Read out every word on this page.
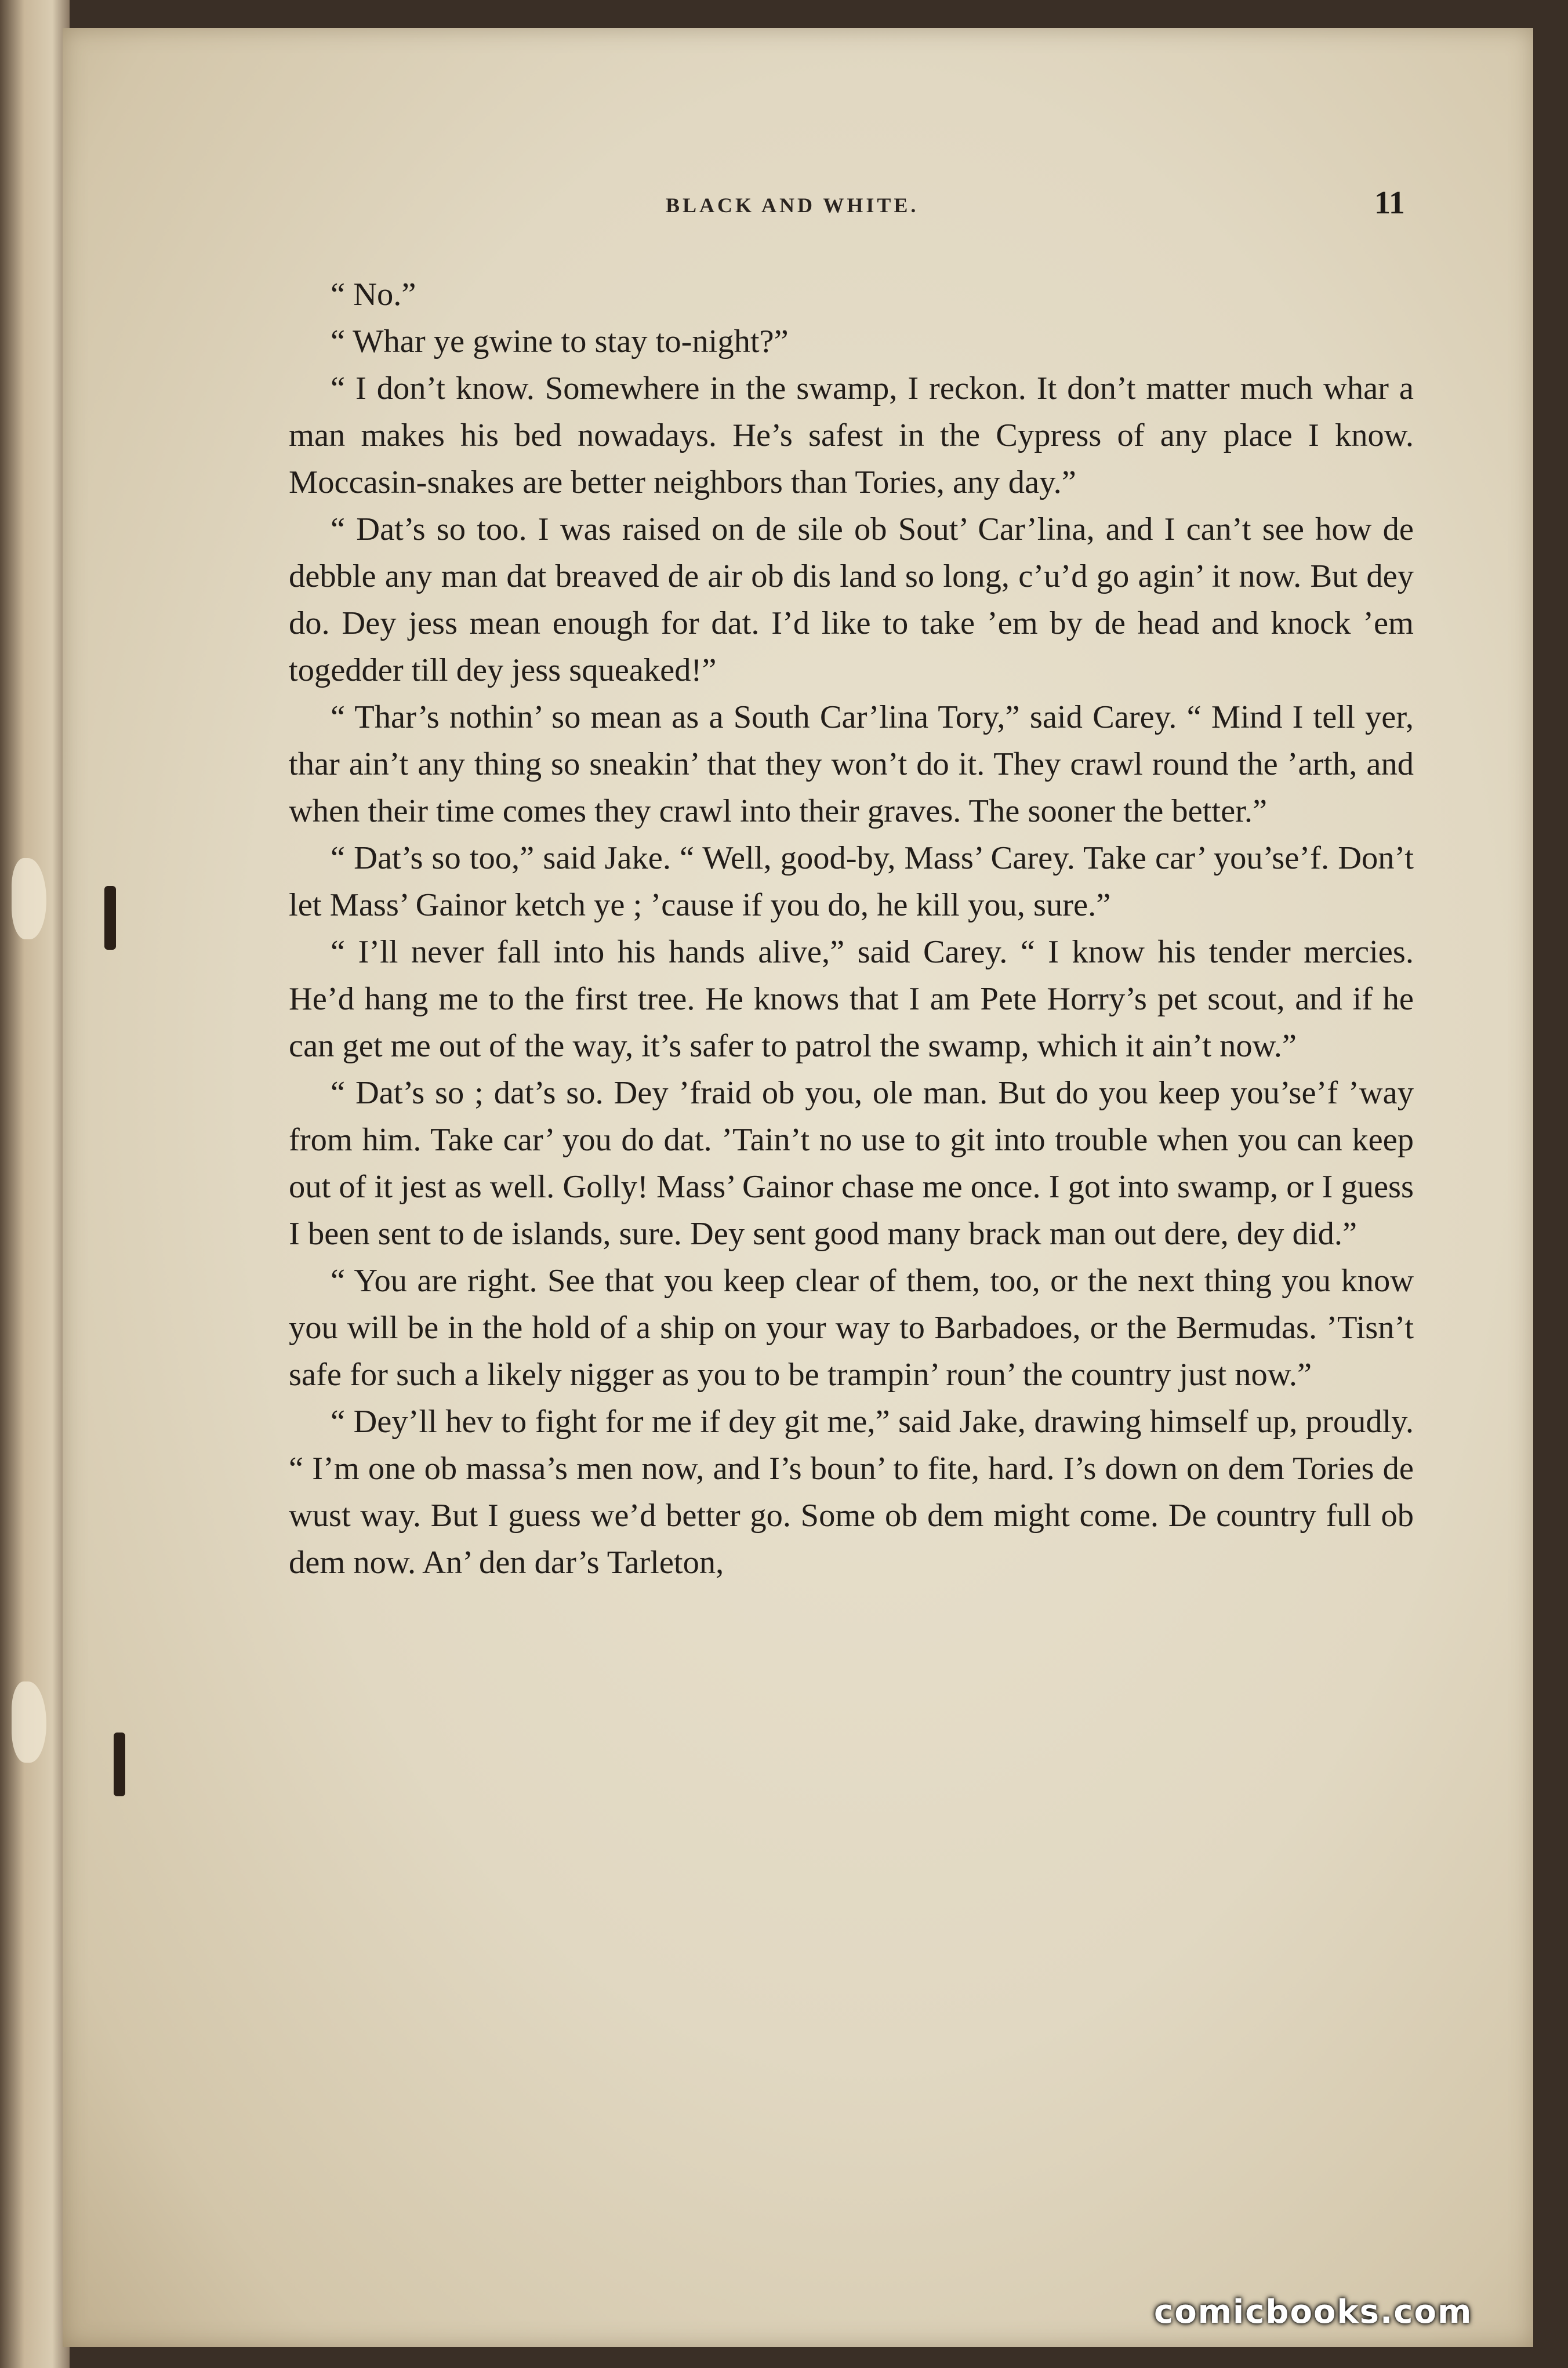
BLACK AND WHITE.	11

“ No.”

“ Whar ye gwine to stay to-night?”

“ I don’t know. Somewhere in the swamp, I reckon. It don’t matter much whar a man makes his bed nowadays. He’s safest in the Cypress of any place I know. Moccasin-snakes are better neighbors than Tories, any day.”

“ Dat’s so too. I was raised on de sile ob Sout’ Car’lina, and I can’t see how de debble any man dat breaved de air ob dis land so long, c’u’d go agin’ it now. But dey do. Dey jess mean enough for dat. I’d like to take ’em by de head and knock ’em togedder till dey jess squeaked!”

“ Thar’s nothin’ so mean as a South Car’lina Tory,” said Carey. “ Mind I tell yer, thar ain’t any thing so sneakin’ that they won’t do it. They crawl round the ’arth, and when their time comes they crawl into their graves. The sooner the better.”

“ Dat’s so too,” said Jake. “ Well, good-by, Mass’ Carey. Take car’ you’se’f. Don’t let Mass’ Gainor ketch ye ; ’cause if you do, he kill you, sure.”

“ I’ll never fall into his hands alive,” said Carey. “ I know his tender mercies. He’d hang me to the first tree. He knows that I am Pete Horry’s pet scout, and if he can get me out of the way, it’s safer to patrol the swamp, which it ain’t now.”

“ Dat’s so ; dat’s so. Dey ’fraid ob you, ole man. But do you keep you’se’f ’way from him. Take car’ you do dat. ’Tain’t no use to git into trouble when you can keep out of it jest as well. Golly! Mass’ Gainor chase me once. I got into swamp, or I guess I been sent to de islands, sure. Dey sent good many brack man out dere, dey did.”

“ You are right. See that you keep clear of them, too, or the next thing you know you will be in the hold of a ship on your way to Barbadoes, or the Bermudas. ’Tisn’t safe for such a likely nigger as you to be trampin’ roun’ the country just now.”

“ Dey’ll hev to fight for me if dey git me,” said Jake, drawing himself up, proudly. “ I’m one ob massa’s men now, and I’s boun’ to fite, hard. I’s down on dem Tories de wust way. But I guess we’d better go. Some ob dem might come. De country full ob dem now. An’ den dar’s Tarleton,

comicbooks.com
